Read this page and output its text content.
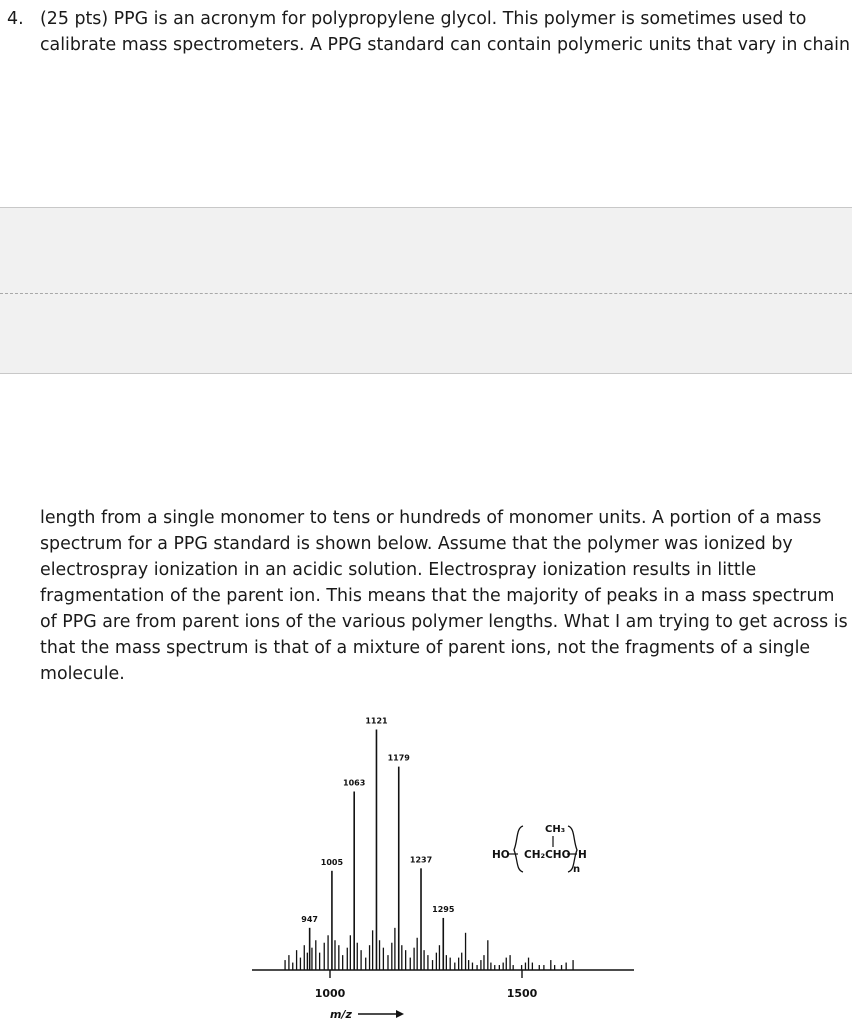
4. (25 pts) PPG is an acronym for polypropylene glycol. This polymer is sometimes used to
calibrate mass spectrometers. A PPG standard can contain polymeric units that vary in chain
length from a single monomer to tens or hundreds of monomer units. A portion of a mass
spectrum for a PPG standard is shown below. Assume that the polymer was ionized by
electrospray ionization in an acidic solution. Electrospray ionization results in little
fragmentation of the parent ion. This means that the majority of peaks in a mass spectrum
of PPG are from parent ions of the various polymer lengths. What I am trying to get across is
that the mass spectrum is that of a mixture of parent ions, not the fragments of a single
molecule.
947
1005
1063
1121
1179
1237
1295
1000	1500
m/z
HO CH₂CHO
CH₃
H
n
